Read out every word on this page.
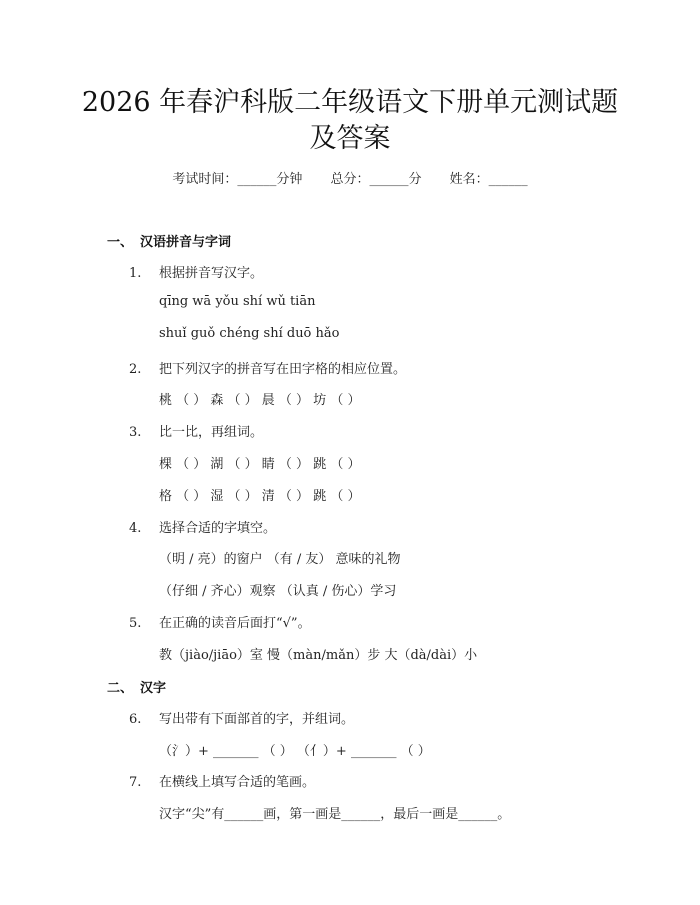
2026 年春沪科版二年级语文下册单元测试题
及答案
考试时间：______分钟 总分：______分 姓名：______
一、 汉语拼音与字词
1. 根据拼音写汉字。
qīng wā yǒu shí wǔ tiān
shuǐ guǒ chéng shí duō hǎo
2. 把下列汉字的拼音写在田字格的相应位置。
桃 （ ） 森 （ ） 晨 （ ） 坊 （ ）
3. 比一比，再组词。
棵 （ ） 湖 （ ） 睛 （ ） 跳 （ ）
格 （ ） 湿 （ ） 清 （ ） 跳 （ ）
4. 选择合适的字填空。
（明 / 亮）的窗户 （有 / 友） 意味的礼物
（仔细 / 齐心）观察 （认真 / 伤心）学习
5. 在正确的读音后面打“√”。
教（jiào/jiāo）室 慢（màn/mǎn）步 大（dà/dài）小
二、 汉字
6. 写出带有下面部首的字，并组词。
（氵）+ _______ （ ） （亻）+ _______ （ ）
7. 在横线上填写合适的笔画。
汉字“尖”有______画，第一画是______，最后一画是______。
